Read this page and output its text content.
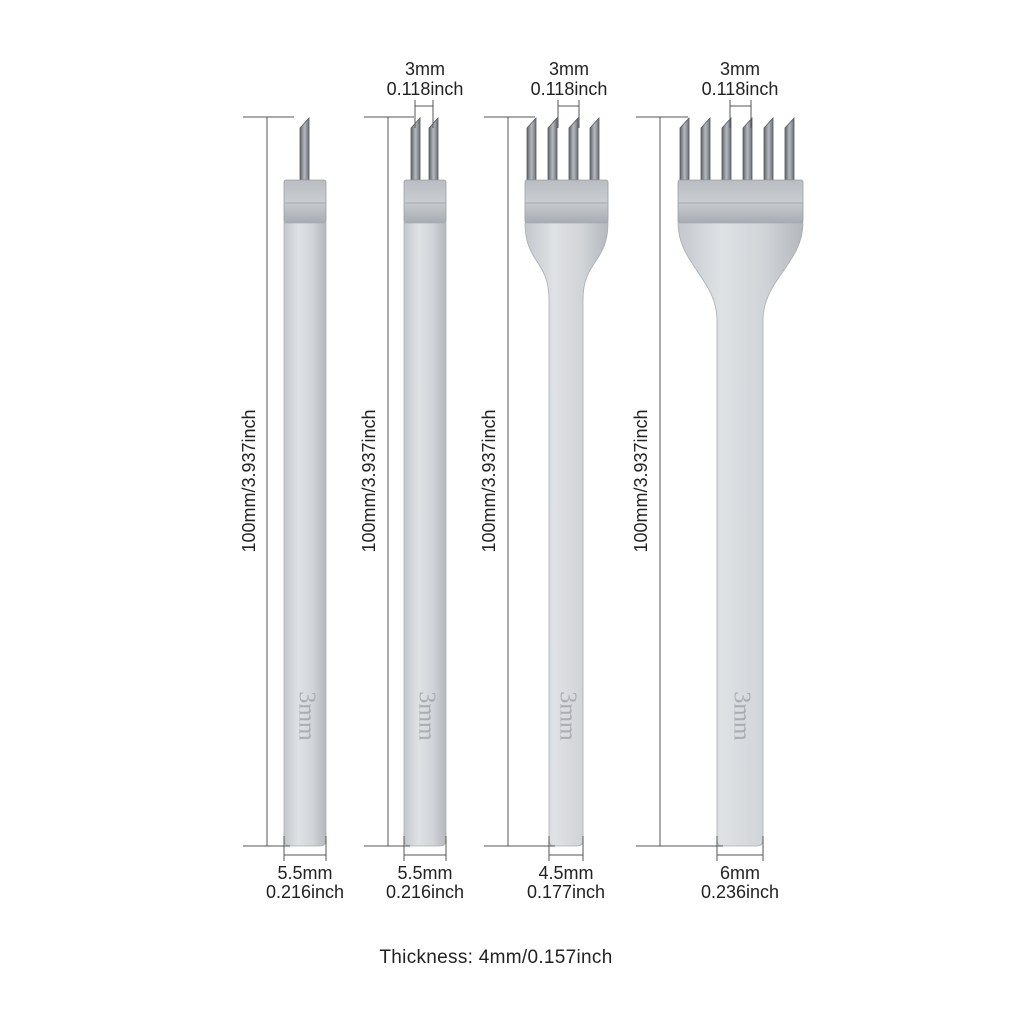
3mm	3mm	3mm	3mm
100mm/3.937inch
5.5mm
0.216inch
100mm/3.937inch
5.5mm
0.216inch
3mm
0.118inch
100mm/3.937inch
4.5mm
0.177inch
3mm
0.118inch
100mm/3.937inch
6mm
0.236inch
3mm
0.118inch
Thickness: 4mm/0.157inch
